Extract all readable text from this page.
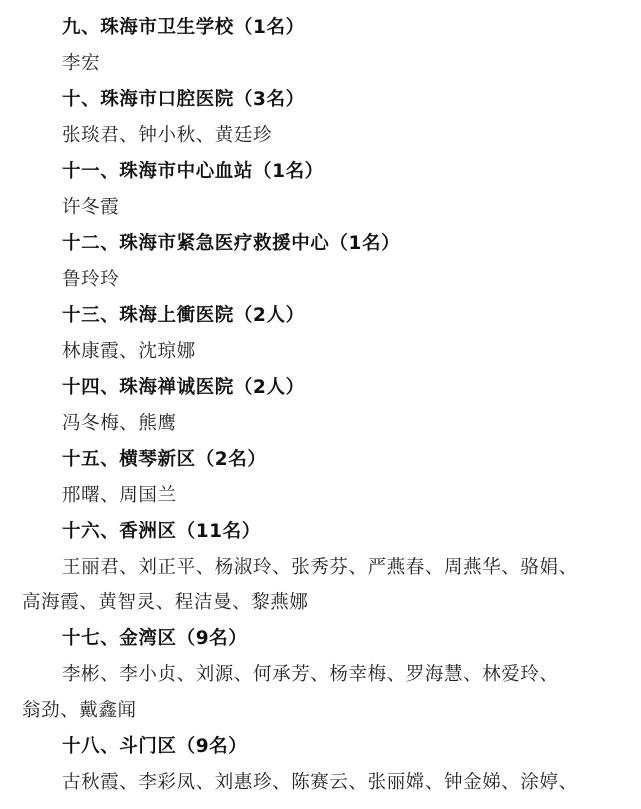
九、珠海市卫生学校（1名）
李宏
十、珠海市口腔医院（3名）
张琰君、钟小秋、黄廷珍
十一、珠海市中心血站（1名）
许冬霞
十二、珠海市紧急医疗救援中心（1名）
鲁玲玲
十三、珠海上衝医院（2人）
林康霞、沈琼娜
十四、珠海禅诚医院（2人）
冯冬梅、熊鹰
十五、横琴新区（2名）
邢曙、周国兰
十六、香洲区（11名）
王丽君、刘正平、杨淑玲、张秀芬、严燕春、周燕华、骆娟、
高海霞、黄智灵、程洁曼、黎燕娜
十七、金湾区（9名）
李彬、李小贞、刘源、何承芳、杨幸梅、罗海慧、林爱玲、
翁劲、戴鑫闻
十八、斗门区（9名）
古秋霞、李彩凤、刘惠珍、陈赛云、张丽嫦、钟金娣、涂婷、
